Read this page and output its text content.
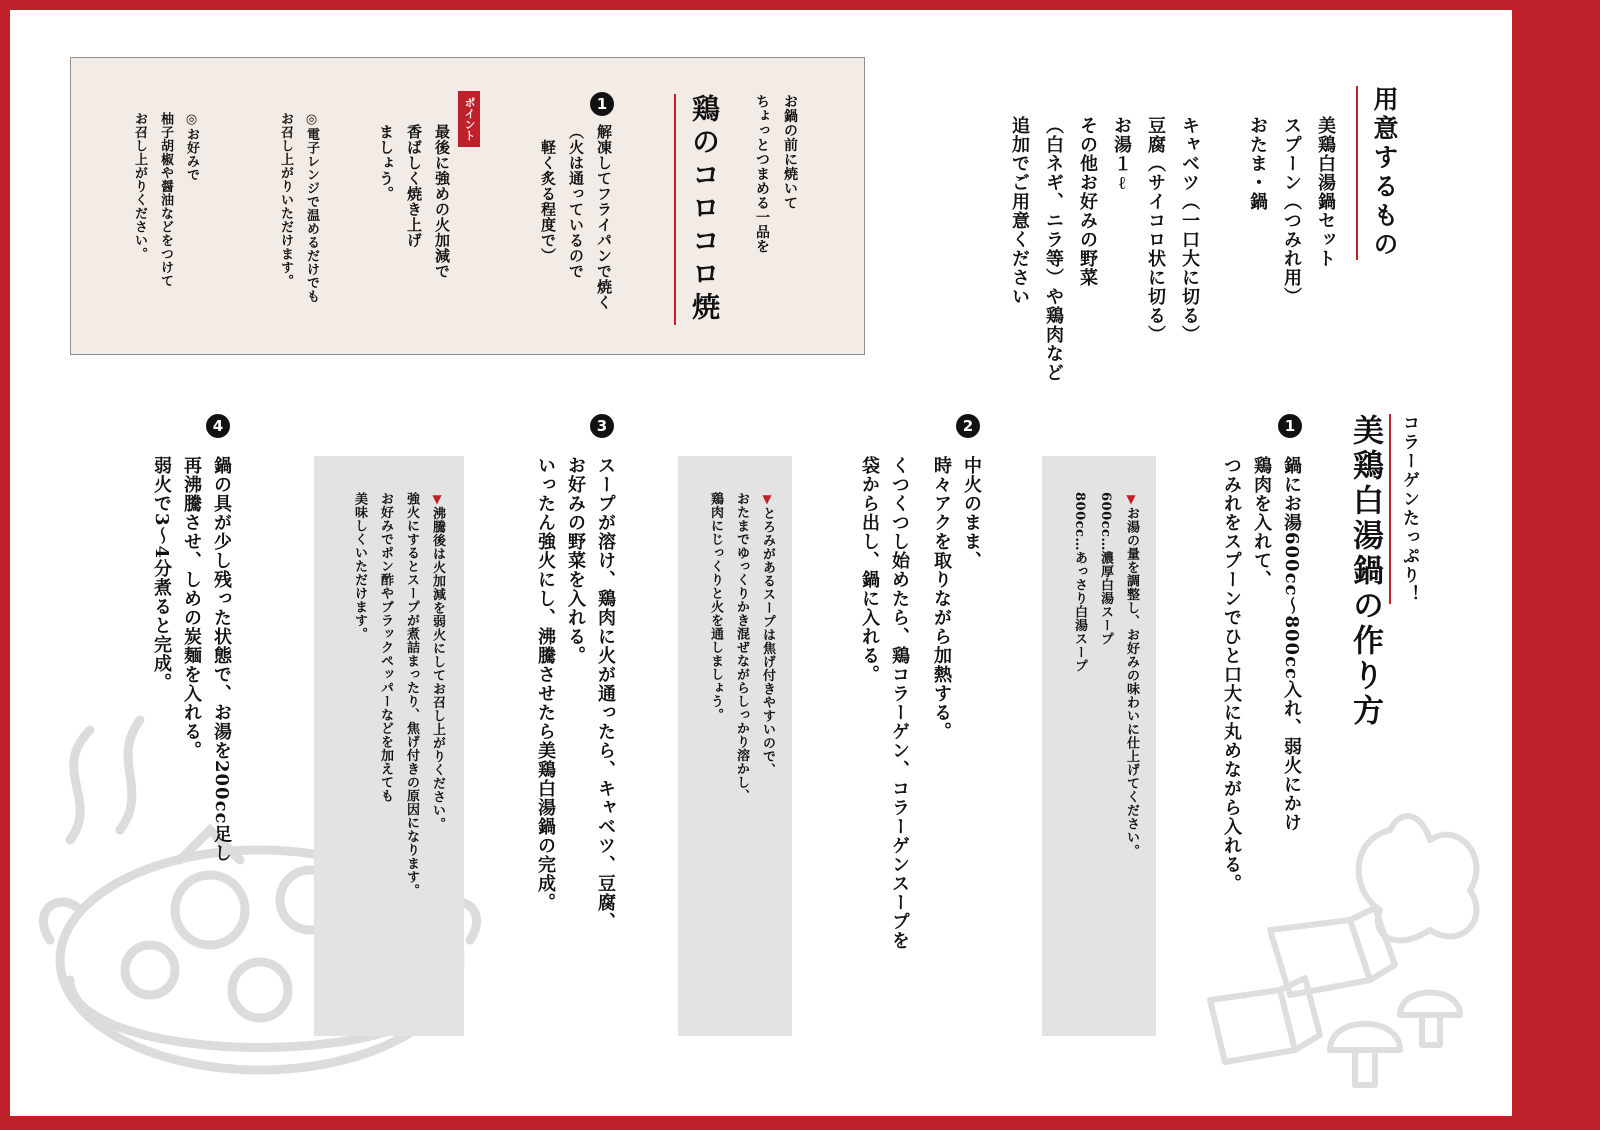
用意するもの
美鶏白湯鍋セット
スプーン（つみれ用）
おたま・鍋
キャベツ（一口大に切る）
豆腐（サイコロ状に切る）
お湯１ℓ
その他お好みの野菜
（白ネギ、ニラ等）や鶏肉など
追加でご用意ください
お鍋の前に焼いて
ちょっとつまめる一品を
鶏のコロコロ焼
1
解凍してフライパンで焼く
（火は通っているので
　軽く炙る程度で）
ポイント
最後に強めの火加減で
香ばしく焼き上げ
ましょう。
◎電子レンジで温めるだけでも
お召し上がりいただけます。
◎お好みで
柚子胡椒や醤油などをつけて
お召し上がりください。
コラーゲンたっぷり！
美鶏白湯鍋の作り方
1
鍋にお湯600cc〜800cc入れ、弱火にかけ
鶏肉を入れて、
つみれをスプーンでひと口大に丸めながら入れる。
▼お湯の量を調整し、お好みの味わいに仕上げてください。
600cc…濃厚白湯スープ
800cc…あっさり白湯スープ
2
中火のまま、
時々アクを取りながら加熱する。
くつくつし始めたら、鶏コラーゲン、コラーゲンスープを
袋から出し、鍋に入れる。
▼とろみがあるスープは焦げ付きやすいので、
おたまでゆっくりかき混ぜながらしっかり溶かし、
鶏肉にじっくりと火を通しましょう。
3
スープが溶け、鶏肉に火が通ったら、キャベツ、豆腐、
お好みの野菜を入れる。
いったん強火にし、沸騰させたら美鶏白湯鍋の完成。
▼沸騰後は火加減を弱火にしてお召し上がりください。
強火にするとスープが煮詰まったり、焦げ付きの原因になります。
お好みでポン酢やブラックペッパーなどを加えても
美味しくいただけます。
4
鍋の具が少し残った状態で、お湯を200cc足し
再沸騰させ、しめの炭麺を入れる。
弱火で3〜4分煮ると完成。
